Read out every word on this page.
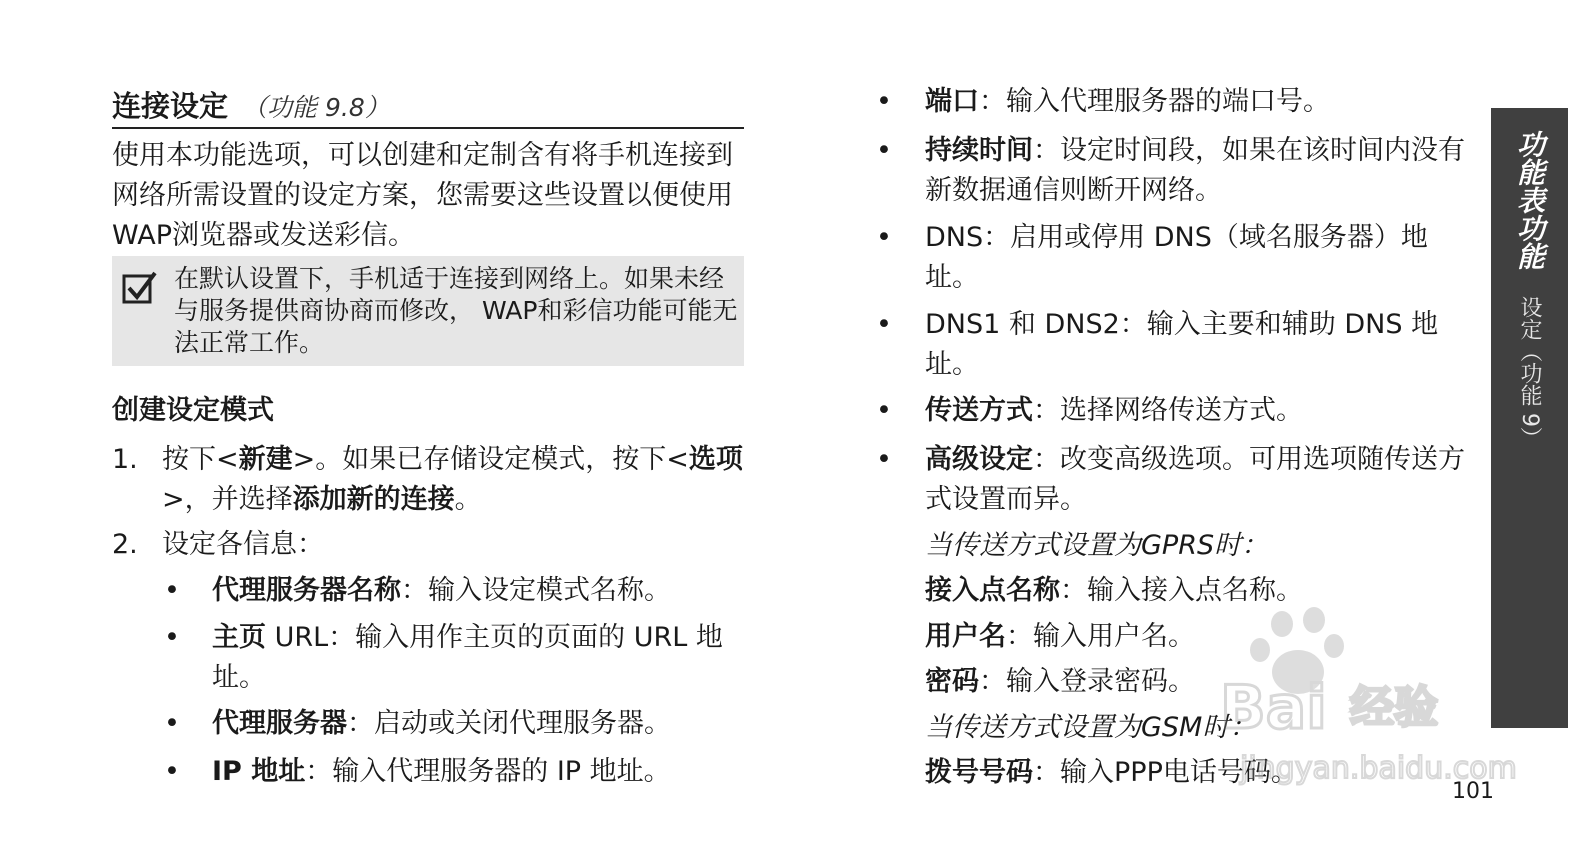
连接设定 （功能 9.8）
使用本功能选项，可以创建和定制含有将手机连接到网络所需设置的设定方案，您需要这些设置以便使用WAP浏览器或发送彩信。
在默认设置下，手机适于连接到网络上。如果未经与服务提供商协商而修改， WAP和彩信功能可能无法正常工作。
创建设定模式
1. 按下<新建>。如果已存储设定模式，按下<选项>，并选择添加新的连接。
2. 设定各信息：
• 代理服务器名称：输入设定模式名称。
• 主页 URL：输入用作主页的页面的 URL 地址。
• 代理服务器：启动或关闭代理服务器。
• IP 地址：输入代理服务器的 IP 地址。
• 端口：输入代理服务器的端口号。
• 持续时间：设定时间段，如果在该时间内没有新数据通信则断开网络。
• DNS：启用或停用 DNS（域名服务器）地址。
• DNS1 和 DNS2：输入主要和辅助 DNS 地址。
• 传送方式：选择网络传送方式。
• 高级设定：改变高级选项。可用选项随传送方式设置而异。
当传送方式设置为GPRS时：
接入点名称：输入接入点名称。
用户名：输入用户名。
密码：输入登录密码。
当传送方式设置为GSM时：
拨号号码：输入PPP电话号码。
功能表功能设定（功能 9）
101
Bai 经验
jingyan.baidu.com
